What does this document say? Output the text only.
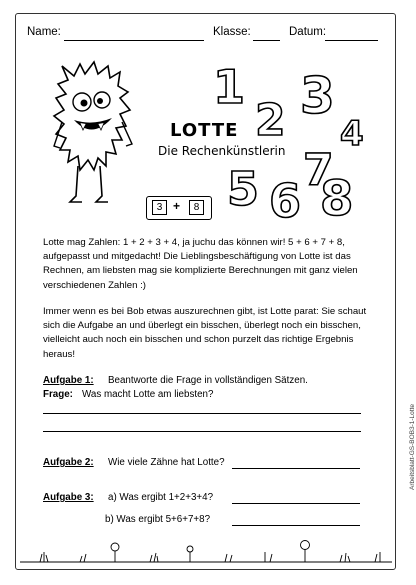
Name:	Klasse:	Datum:
LOTTE
Die Rechenkünstlerin
1
2 3
4
7
5 6 8
3 +	8

Lotte mag Zahlen: 1 + 2 + 3 + 4, ja juchu das können wir! 5 + 6 + 7 + 8, aufgepasst und mitgedacht! Die Lieblingsbeschäftigung von Lotte ist das Rechnen, am liebsten mag sie komplizierte Berechnungen mit ganz vielen verschiedenen Zahlen :)

Immer wenn es bei Bob etwas auszurechnen gibt, ist Lotte parat: Sie schaut sich die Aufgabe an und überlegt ein bisschen, überlegt noch ein bisschen, vielleicht auch noch ein bisschen und schon purzelt das richtige Ergebnis heraus!

Aufgabe 1: Beantworte die Frage in vollständigen Sätzen.
Frage: Was macht Lotte am liebsten?
Aufgabe 2: Wie viele Zähne hat Lotte?
Aufgabe 3: a) Was ergibt 1+2+3+4?
b) Was ergibt 5+6+7+8?
Arbeitsblatt-GS-BOB3-1-Lotte
